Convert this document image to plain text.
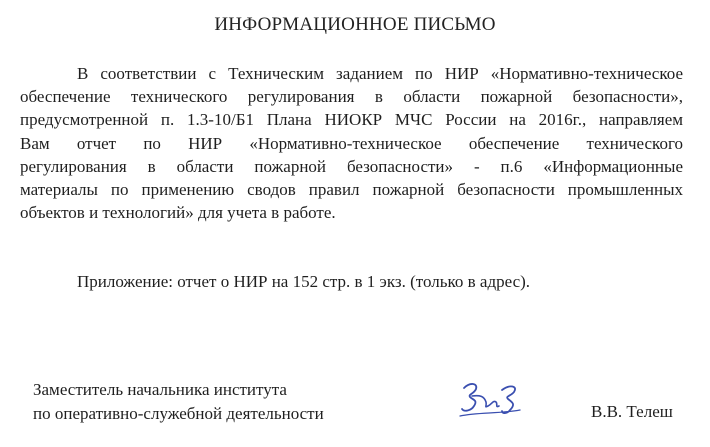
ИНФОРМАЦИОННОЕ ПИСЬМО
В соответствии с Техническим заданием по НИР «Нормативно-техническое
обеспечение технического регулирования в области пожарной безопасности»,
предусмотренной п. 1.3-10/Б1 Плана НИОКР МЧС России на 2016г., направляем
Вам отчет по НИР «Нормативно-техническое обеспечение технического
регулирования в области пожарной безопасности» - п.6 «Информационные
материалы по применению сводов правил пожарной безопасности промышленных
объектов и технологий» для учета в работе.
Приложение: отчет о НИР на 152 стр. в 1 экз. (только в адрес).
Заместитель начальника института
по оперативно-служебной деятельности	В.В. Телеш
